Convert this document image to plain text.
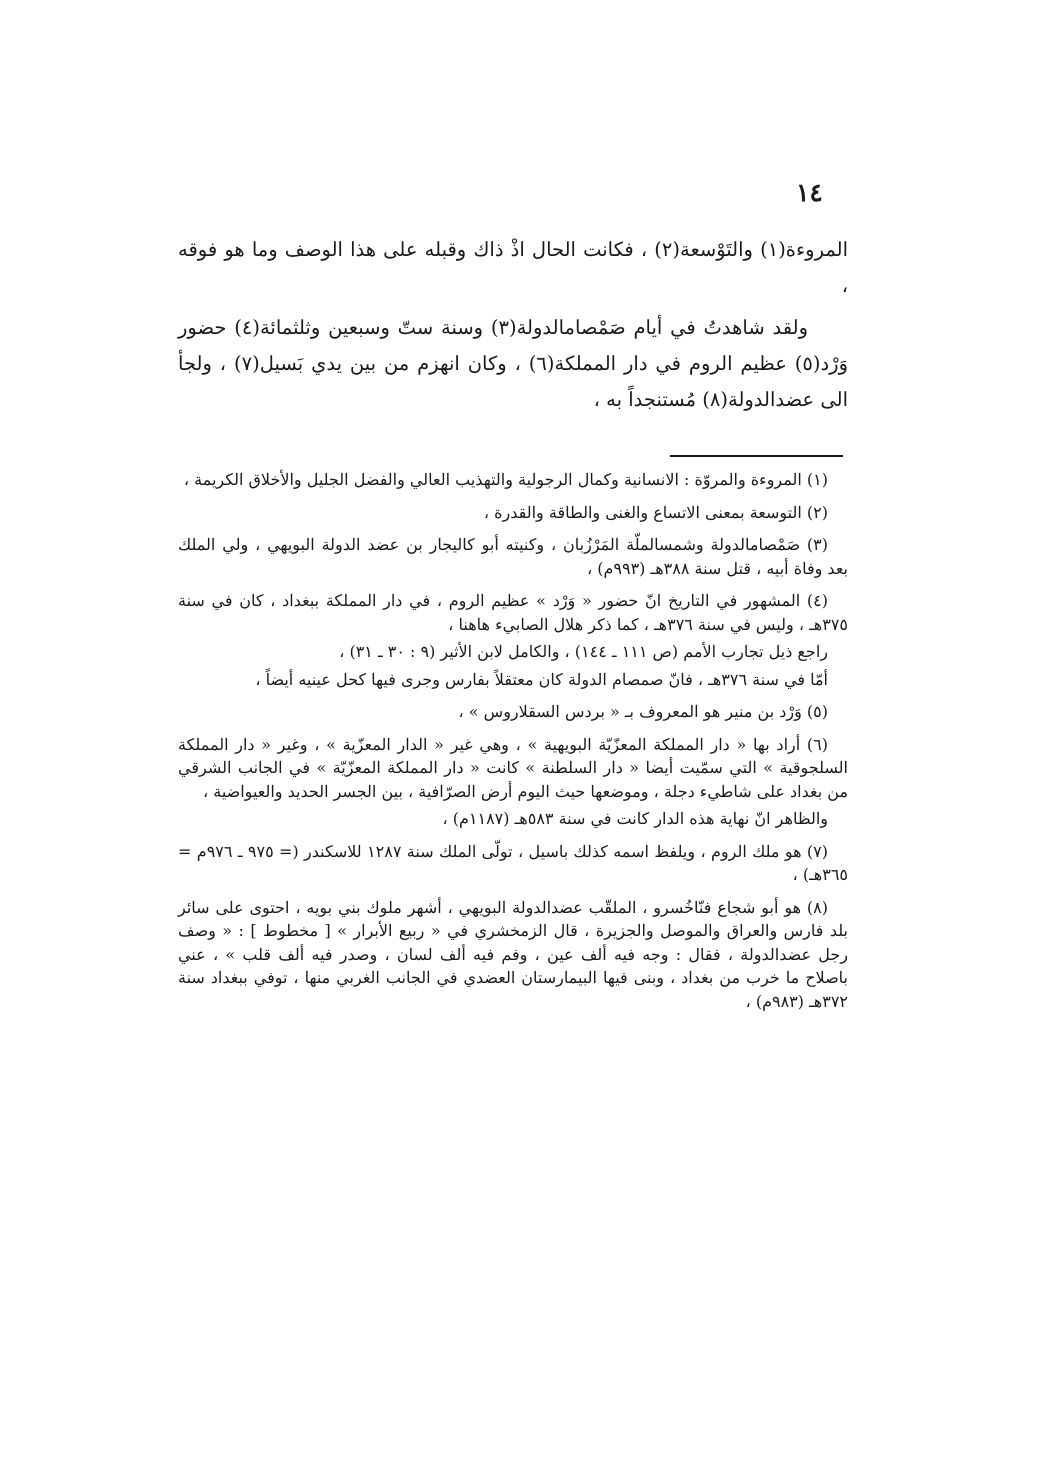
١٤

المروءة(١) والتَوْسعة(٢) ، فكانت الحال اذْ ذاك وقبله على هذا الوصف وما هو فوقه ،

ولقد شاهدتُ في أيام صَمْصامالدولة(٣) وسنة ستّ وسبعين وثلثمائة(٤) حضور وَرْد(٥) عظيم الروم في دار المملكة(٦) ، وكان انهزم من بين يدي بَسيل(٧) ، ولجأ الى عضدالدولة(٨) مُستنجداً به ،

(١) المروءة والمروّة : الانسانية وكمال الرجولية والتهذيب العالي والفضل الجليل والأخلاق الكريمة ،

(٢) التوسعة بمعنى الاتساع والغنى والطاقة والقدرة ،

(٣) صَمْصامالدولة وشمسالملّة المَرْزُبان ، وكنيته أبو كاليجار بن عضد الدولة البويهي ، ولي الملك بعد وفاة أبيه ، قتل سنة ٣٨٨هـ (٩٩٣م) ،

(٤) المشهور في التاريخ انّ حضور « وَرْد » عظيم الروم ، في دار المملكة ببغداد ، كان في سنة ٣٧٥هـ ، وليس في سنة ٣٧٦هـ ، كما ذكر هلال الصابيء هاهنا ،

راجع ذيل تجارب الأمم (ص ١١١ ـ ١٤٤) ، والكامل لابن الأثير (٩ : ٣٠ ـ ٣١) ،

أمّا في سنة ٣٧٦هـ ، فانّ صمصام الدولة كان معتقلاً بفارس وجرى فيها كحل عينيه أيضاً ،

(٥) وَرْد بن منير هو المعروف بـ « بردس السقلاروس » ،

(٦) أراد بها « دار المملكة المعزّيّة البويهية » ، وهي غير « الدار المعزّية » ، وغير « دار المملكة السلجوقية » التي سمّيت أيضا « دار السلطنة » كانت « دار المملكة المعزّيّة » في الجانب الشرقي من بغداد على شاطيء دجلة ، وموضعها حيث اليوم أرض الصرّافية ، بين الجسر الحديد والعيواضية ،

والظاهر انّ نهاية هذه الدار كانت في سنة ٥٨٣هـ (١١٨٧م) ،

(٧) هو ملك الروم ، ويلفظ اسمه كذلك باسيل ، تولّى الملك سنة ١٢٨٧ للاسكندر (= ٩٧٥ ـ ٩٧٦م = ٣٦٥هـ) ،

(٨) هو أبو شجاع فنّاخُسرو ، الملقّب عضدالدولة البويهي ، أشهر ملوك بني بويه ، احتوى على سائر بلد فارس والعراق والموصل والجزيرة ، قال الزمخشري في « ربيع الأبرار » [ مخطوط ] : « وصف رجل عضدالدولة ، فقال : وجه فيه ألف عين ، وفم فيه ألف لسان ، وصدر فيه ألف قلب » ، عني باصلاح ما خرب من بغداد ، وبنى فيها البيمارستان العضدي في الجانب الغربي منها ، توفي ببغداد سنة ٣٧٢هـ (٩٨٣م) ،
